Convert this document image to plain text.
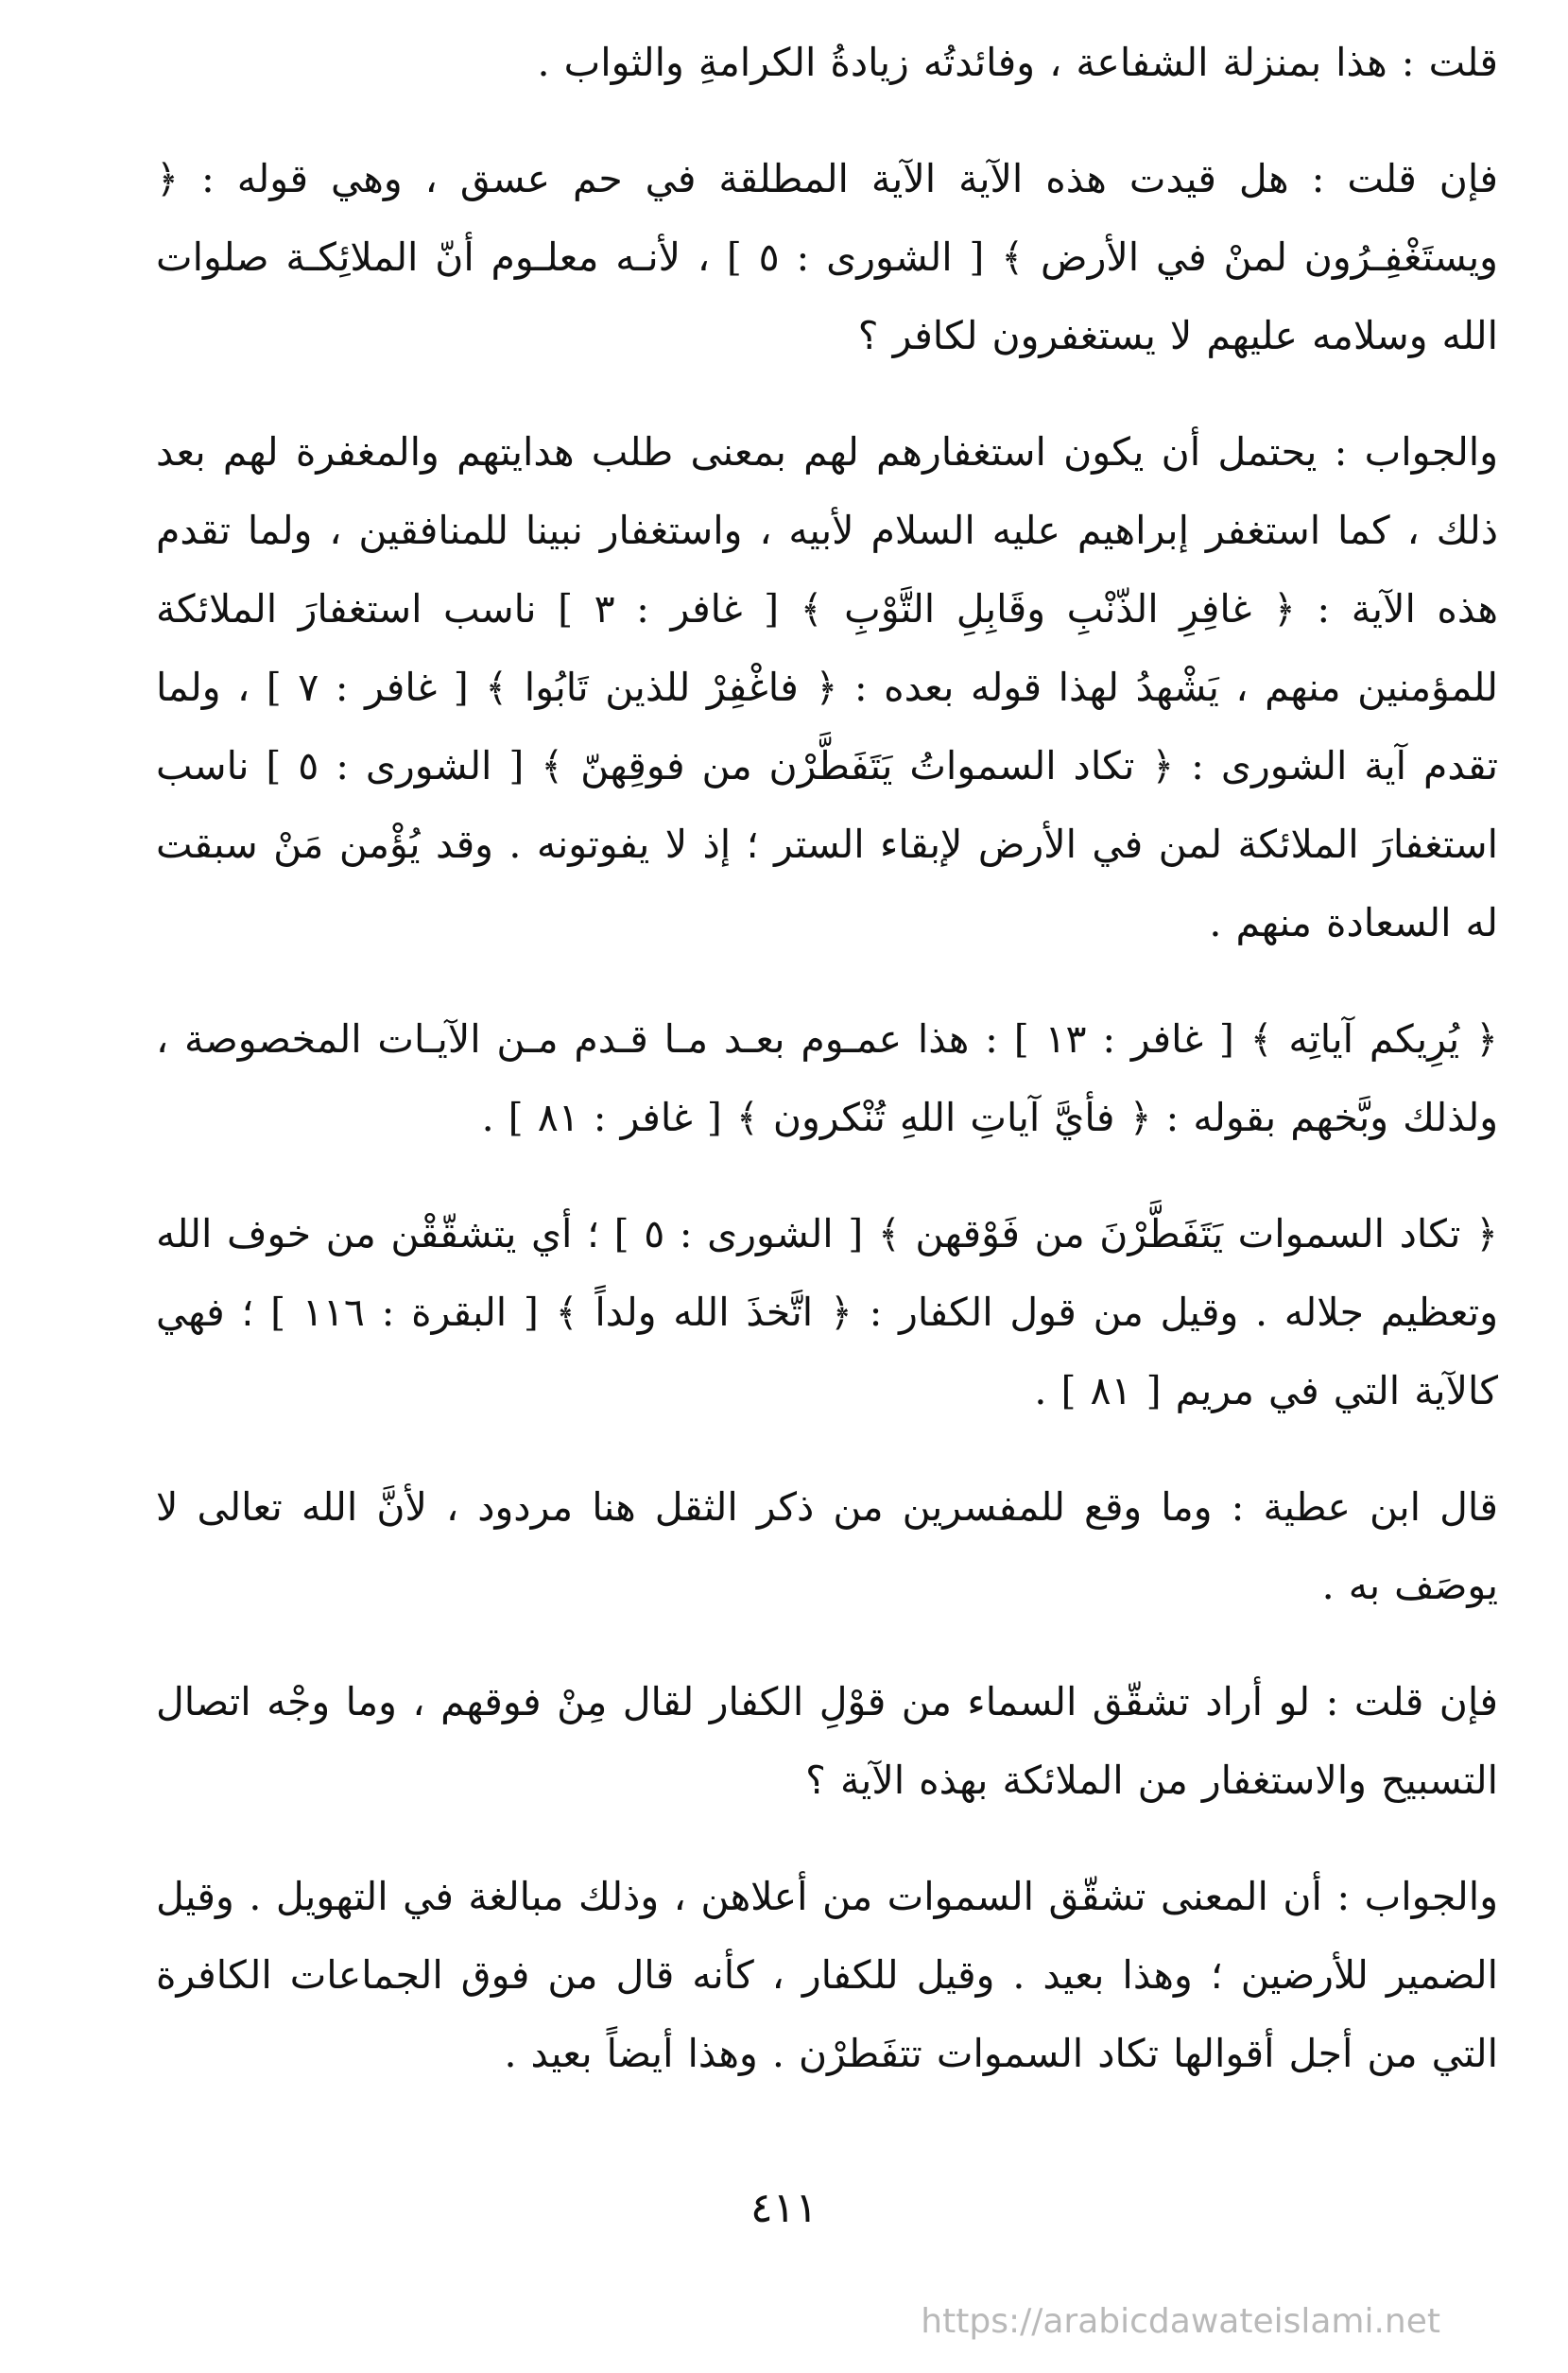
قلت : هذا بمنزلة الشفاعة ، وفائدتُه زيادةُ الكرامةِ والثواب .

فإن قلت : هل قيدت هذه الآية الآية المطلقة في حم عسق ، وهي قوله : ﴿ ويستَغْفِـرُون لمنْ في الأرض ﴾ [ الشورى : ٥ ] ، لأنـه معلـوم أنّ الملائِكـة صلوات الله وسلامه عليهم لا يستغفرون لكافر ؟

والجواب : يحتمل أن يكون استغفارهم لهم بمعنى طلب هدايتهم والمغفرة لهم بعد ذلك ، كما استغفر إبراهيم عليه السلام لأبيه ، واستغفار نبينا للمنافقين ، ولما تقدم هذه الآية : ﴿ غافِرِ الذّنْبِ وقَابِلِ التَّوْبِ ﴾ [ غافر : ٣ ] ناسب استغفارَ الملائكة للمؤمنين منهم ، يَشْهدُ لهذا قوله بعده : ﴿ فاغْفِرْ للذين تَابُوا ﴾ [ غافر : ٧ ] ، ولما تقدم آية الشورى : ﴿ تكاد السمواتُ يَتَفَطَّرْن من فوقِهنّ ﴾ [ الشورى : ٥ ] ناسب استغفارَ الملائكة لمن في الأرض لإبقاء الستر ؛ إذ لا يفوتونه . وقد يُؤْمن مَنْ سبقت له السعادة منهم .

﴿ يُرِيكم آياتِه ﴾ [ غافر : ١٣ ] : هذا عمـوم بعـد مـا قـدم مـن الآيـات المخصوصة ، ولذلك وبَّخهم بقوله : ﴿ فأيَّ آياتِ اللهِ تُنْكرون ﴾ [ غافر : ٨١ ] .

﴿ تكاد السموات يَتَفَطَّرْنَ من فَوْقهن ﴾ [ الشورى : ٥ ] ؛ أي يتشقّقْن من خوف الله وتعظيم جلاله . وقيل من قول الكفار : ﴿ اتَّخذَ الله ولداً ﴾ [ البقرة : ١١٦ ] ؛ فهي كالآية التي في مريم [ ٨١ ] .

قال ابن عطية : وما وقع للمفسرين من ذكر الثقل هنا مردود ، لأنَّ الله تعالى لا يوصَف به .

فإن قلت : لو أراد تشقّق السماء من قوْلِ الكفار لقال مِنْ فوقهم ، وما وجْه اتصال التسبيح والاستغفار من الملائكة بهذه الآية ؟

والجواب : أن المعنى تشقّق السموات من أعلاهن ، وذلك مبالغة في التهويل . وقيل الضمير للأرضين ؛ وهذا بعيد . وقيل للكفار ، كأنه قال من فوق الجماعات الكافرة التي من أجل أقوالها تكاد السموات تتفَطرْن . وهذا أيضاً بعيد .

٤١١
https://arabicdawateislami.net
